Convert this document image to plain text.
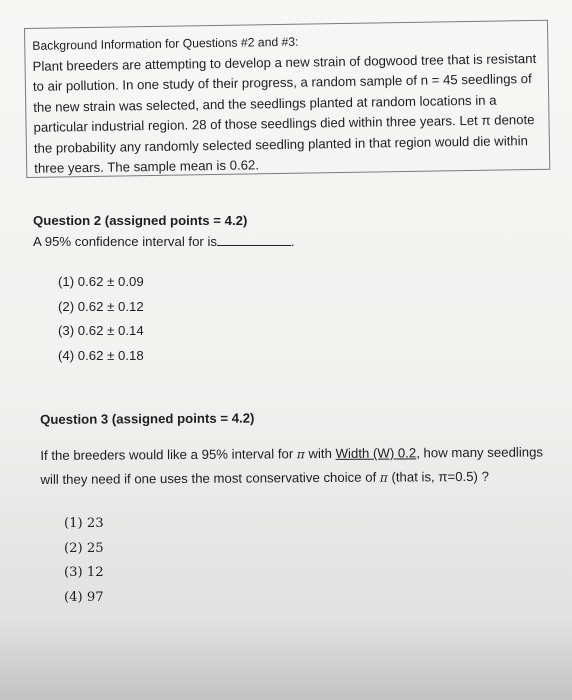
Background Information for Questions #2 and #3:
Plant breeders are attempting to develop a new strain of dogwood tree that is resistant
to air pollution. In one study of their progress, a random sample of n = 45 seedlings of
the new strain was selected, and the seedlings planted at random locations in a
particular industrial region. 28 of those seedlings died within three years. Let π denote
the probability any randomly selected seedling planted in that region would die within
three years. The sample mean is 0.62.
Question 2 (assigned points = 4.2)
A 95% confidence interval for is	.
(1) 0.62 ± 0.09
(2) 0.62 ± 0.12
(3) 0.62 ± 0.14
(4) 0.62 ± 0.18
Question 3 (assigned points = 4.2)
If the breeders would like a 95% interval for π with Width (W) 0.2, how many seedlings
will they need if one uses the most conservative choice of π (that is, π=0.5) ?
(1) 23
(2) 25
(3) 12
(4) 97
